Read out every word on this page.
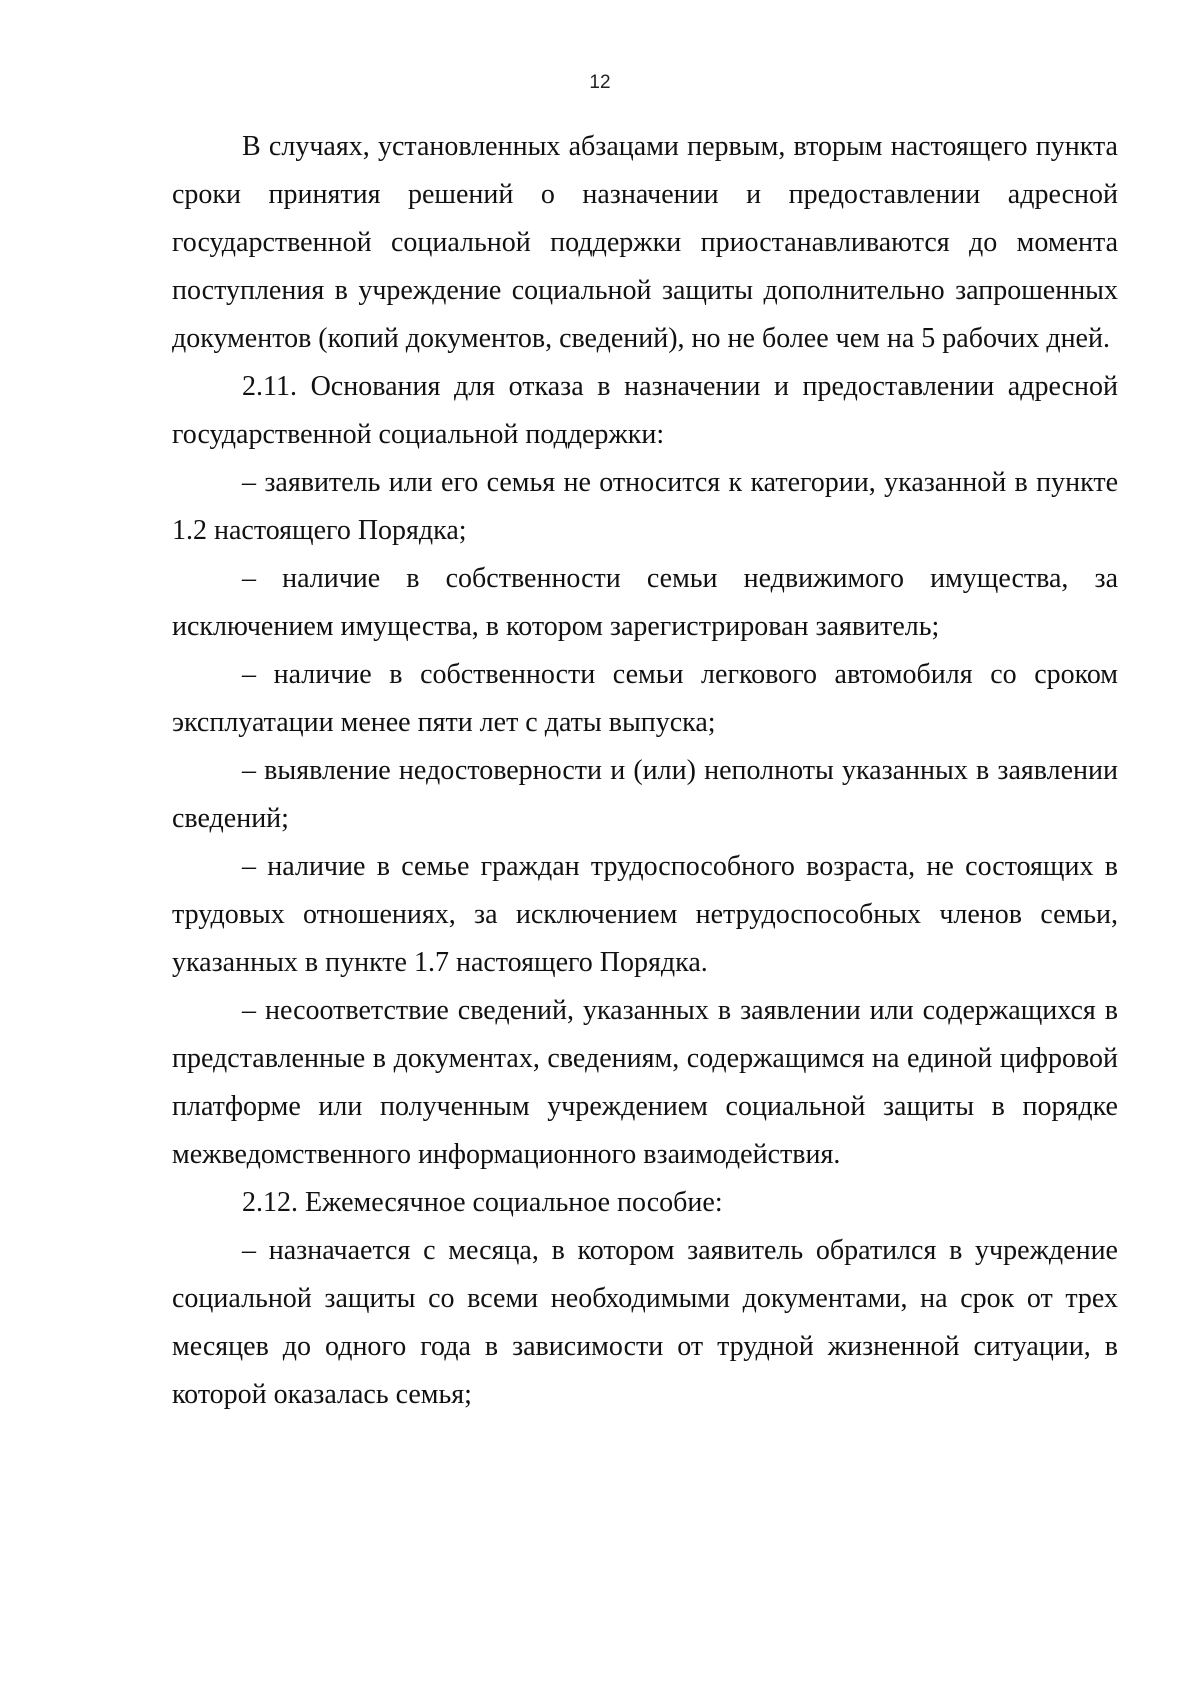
12

В случаях, установленных абзацами первым, вторым настоящего пункта сроки принятия решений о назначении и предоставлении адресной государственной социальной поддержки приостанавливаются до момента поступления в учреждение социальной защиты дополнительно запрошенных документов (копий документов, сведений), но не более чем на 5 рабочих дней.

2.11. Основания для отказа в назначении и предоставлении адресной государственной социальной поддержки:

– заявитель или его семья не относится к категории, указанной в пункте 1.2 настоящего Порядка;

– наличие в собственности семьи недвижимого имущества, за исключением имущества, в котором зарегистрирован заявитель;

– наличие в собственности семьи легкового автомобиля со сроком эксплуатации менее пяти лет с даты выпуска;

– выявление недостоверности и (или) неполноты указанных в заявлении сведений;

– наличие в семье граждан трудоспособного возраста, не состоящих в трудовых отношениях, за исключением нетрудоспособных членов семьи, указанных в пункте 1.7 настоящего Порядка.

– несоответствие сведений, указанных в заявлении или содержащихся в представленные в документах, сведениям, содержащимся на единой цифровой платформе или полученным учреждением социальной защиты в порядке межведомственного информационного взаимодействия.

2.12. Ежемесячное социальное пособие:

– назначается с месяца, в котором заявитель обратился в учреждение социальной защиты со всеми необходимыми документами, на срок от трех месяцев до одного года в зависимости от трудной жизненной ситуации, в которой оказалась семья;
